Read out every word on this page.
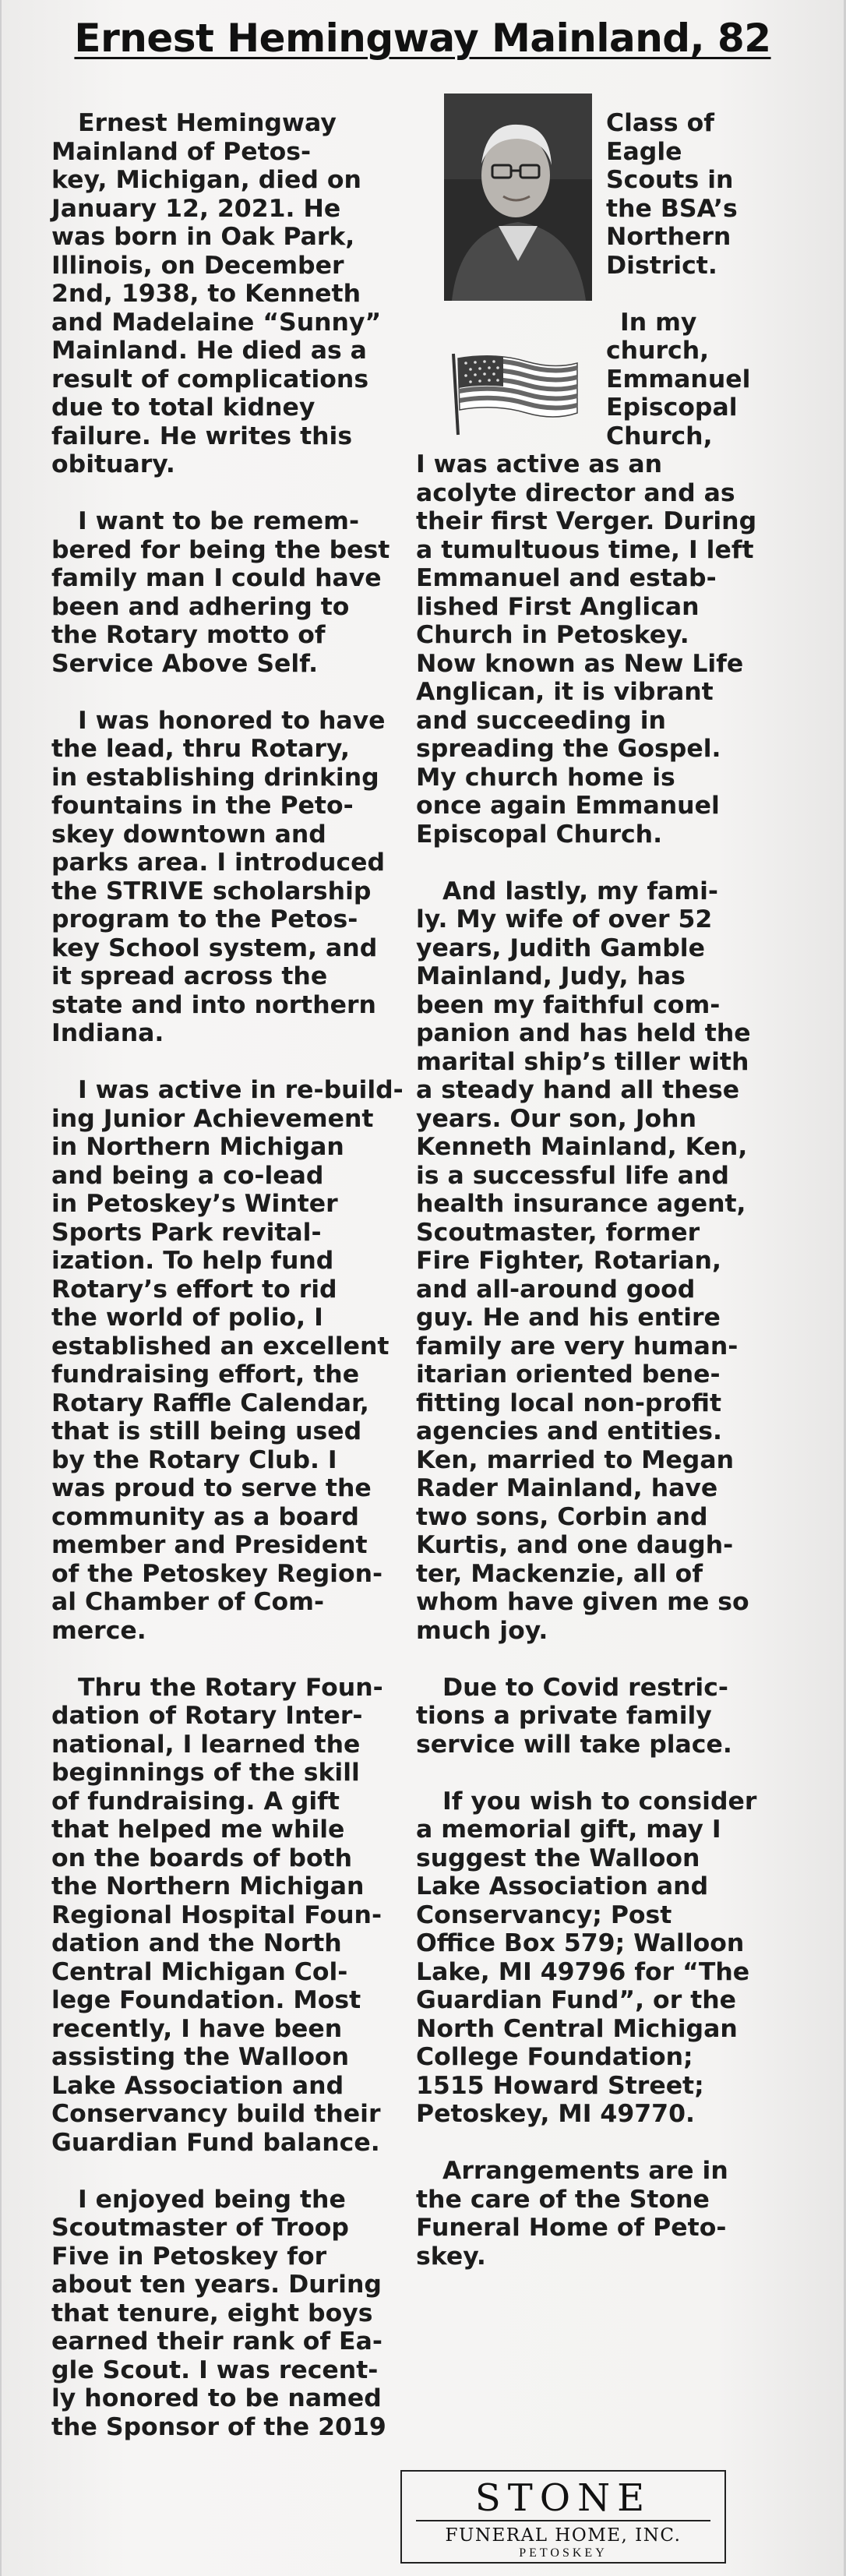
Ernest Hemingway Mainland, 82

Ernest Hemingway
Mainland of Petos-
key, Michigan, died on
January 12, 2021. He
was born in Oak Park,
Illinois, on December
2nd, 1938, to Kenneth
and Madelaine “Sunny”
Mainland. He died as a
result of complications
due to total kidney
failure. He writes this
obituary.

I want to be remem-
bered for being the best
family man I could have
been and adhering to
the Rotary motto of
Service Above Self.

I was honored to have
the lead, thru Rotary,
in establishing drinking
fountains in the Peto-
skey downtown and
parks area. I introduced
the STRIVE scholarship
program to the Petos-
key School system, and
it spread across the
state and into northern
Indiana.

I was active in re-build-
ing Junior Achievement
in Northern Michigan
and being a co-lead
in Petoskey’s Winter
Sports Park revital-
ization. To help fund
Rotary’s effort to rid
the world of polio, I
established an excellent
fundraising effort, the
Rotary Raffle Calendar,
that is still being used
by the Rotary Club. I
was proud to serve the
community as a board
member and President
of the Petoskey Region-
al Chamber of Com-
merce.

Thru the Rotary Foun-
dation of Rotary Inter-
national, I learned the
beginnings of the skill
of fundraising. A gift
that helped me while
on the boards of both
the Northern Michigan
Regional Hospital Foun-
dation and the North
Central Michigan Col-
lege Foundation. Most
recently, I have been
assisting the Walloon
Lake Association and
Conservancy build their
Guardian Fund balance.

I enjoyed being the
Scoutmaster of Troop
Five in Petoskey for
about ten years. During
that tenure, eight boys
earned their rank of Ea-
gle Scout. I was recent-
ly honored to be named
the Sponsor of the 2019

Class of
Eagle
Scouts in
the BSA’s
Northern
District.

In my
church,
Emmanuel
Episcopal
Church,

I was active as an
acolyte director and as
their first Verger. During
a tumultuous time, I left
Emmanuel and estab-
lished First Anglican
Church in Petoskey.
Now known as New Life
Anglican, it is vibrant
and succeeding in
spreading the Gospel.
My church home is
once again Emmanuel
Episcopal Church.

And lastly, my fami-
ly. My wife of over 52
years, Judith Gamble
Mainland, Judy, has
been my faithful com-
panion and has held the
marital ship’s tiller with
a steady hand all these
years. Our son, John
Kenneth Mainland, Ken,
is a successful life and
health insurance agent,
Scoutmaster, former
Fire Fighter, Rotarian,
and all-around good
guy. He and his entire
family are very human-
itarian oriented bene-
fitting local non-profit
agencies and entities.
Ken, married to Megan
Rader Mainland, have
two sons, Corbin and
Kurtis, and one daugh-
ter, Mackenzie, all of
whom have given me so
much joy.

Due to Covid restric-
tions a private family
service will take place.

If you wish to consider
a memorial gift, may I
suggest the Walloon
Lake Association and
Conservancy; Post
Office Box 579; Walloon
Lake, MI 49796 for “The
Guardian Fund”, or the
North Central Michigan
College Foundation;
1515 Howard Street;
Petoskey, MI 49770.

Arrangements are in
the care of the Stone
Funeral Home of Peto-
skey.

STONE
FUNERAL HOME, INC.
PETOSKEY
